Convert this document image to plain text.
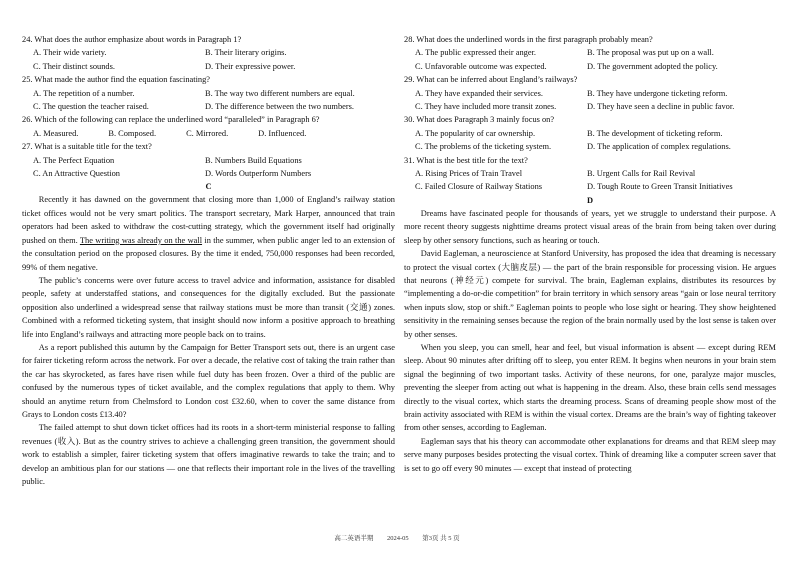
24. What does the author emphasize about words in Paragraph 1?
A. Their wide variety.	B. Their literary origins.
C. Their distinct sounds.	D. Their expressive power.
25. What made the author find the equation fascinating?
A. The repetition of a number.	B. The way two different numbers are equal.
C. The question the teacher raised.	D. The difference between the two numbers.
26. Which of the following can replace the underlined word “paralleled” in Paragraph 6?
A. Measured.	B. Composed.	C. Mirrored.	D. Influenced.
27. What is a suitable title for the text?
A. The Perfect Equation	B. Numbers Build Equations
C. An Attractive Question	D. Words Outperform Numbers
C

Recently it has dawned on the government that closing more than 1,000 of England’s railway station ticket offices would not be very smart politics. The transport secretary, Mark Harper, announced that train operators had been asked to withdraw the cost-cutting strategy, which the government itself had originally pushed on them. The writing was already on the wall in the summer, when public anger led to an extension of the consultation period on the proposed closures. By the time it ended, 750,000 responses had been recorded, 99% of them negative.

The public’s concerns were over future access to travel advice and information, assistance for disabled people, safety at understaffed stations, and consequences for the digitally excluded. But the passionate opposition also underlined a widespread sense that railway stations must be more than transit (交通) zones. Combined with a reformed ticketing system, that insight should now inform a positive approach to breathing life into England’s railways and attracting more people back on to trains.

As a report published this autumn by the Campaign for Better Transport sets out, there is an urgent case for fairer ticketing reform across the network. For over a decade, the relative cost of taking the train rather than the car has skyrocketed, as fares have risen while fuel duty has been frozen. Over a third of the public are confused by the numerous types of ticket available, and the complex regulations that apply to them. Why should an anytime return from Chelmsford to London cost £32.60, when to cover the same distance from Grays to London costs £13.40?

The failed attempt to shut down ticket offices had its roots in a short-term ministerial response to falling revenues (收入). But as the country strives to achieve a challenging green transition, the government should work to establish a simpler, fairer ticketing system that offers imaginative rewards to take the train; and to develop an ambitious plan for our stations — one that reflects their important role in the lives of the travelling public.

28. What does the underlined words in the first paragraph probably mean?
A. The public expressed their anger.	B. The proposal was put up on a wall.
C. Unfavorable outcome was expected.	D. The government adopted the policy.
29. What can be inferred about England’s railways?
A. They have expanded their services.	B. They have undergone ticketing reform.
C. They have included more transit zones.	D. They have seen a decline in public favor.
30. What does Paragraph 3 mainly focus on?
A. The popularity of car ownership.	B. The development of ticketing reform.
C. The problems of the ticketing system.	D. The application of complex regulations.
31. What is the best title for the text?
A. Rising Prices of Train Travel	B. Urgent Calls for Rail Revival
C. Failed Closure of Railway Stations	D. Tough Route to Green Transit Initiatives
D

Dreams have fascinated people for thousands of years, yet we struggle to understand their purpose. A more recent theory suggests nighttime dreams protect visual areas of the brain from being taken over during sleep by other sensory functions, such as hearing or touch.

David Eagleman, a neuroscience at Stanford University, has proposed the idea that dreaming is necessary to protect the visual cortex (大脑皮层) — the part of the brain responsible for processing vision. He argues that neurons (神经元) compete for survival. The brain, Eagleman explains, distributes its resources by “implementing a do-or-die competition” for brain territory in which sensory areas “gain or lose neural territory when inputs slow, stop or shift.” Eagleman points to people who lose sight or hearing. They show heightened sensitivity in the remaining senses because the region of the brain normally used by the lost sense is taken over by other senses.

When you sleep, you can smell, hear and feel, but visual information is absent — except during REM sleep. About 90 minutes after drifting off to sleep, you enter REM. It begins when neurons in your brain stem signal the beginning of two important tasks. Activity of these neurons, for one, paralyze major muscles, preventing the sleeper from acting out what is happening in the dream. Also, these brain cells send messages directly to the visual cortex, which starts the dreaming process. Scans of dreaming people show most of the brain activity associated with REM is within the visual cortex. Dreams are the brain’s way of fighting takeover from other senses, according to Eagleman.

Eagleman says that his theory can accommodate other explanations for dreams and that REM sleep may serve many purposes besides protecting the visual cortex. Think of dreaming like a computer screen saver that is set to go off every 90 minutes — except that instead of protecting

高二英语半期 2024-05 第3页 共 5 页
